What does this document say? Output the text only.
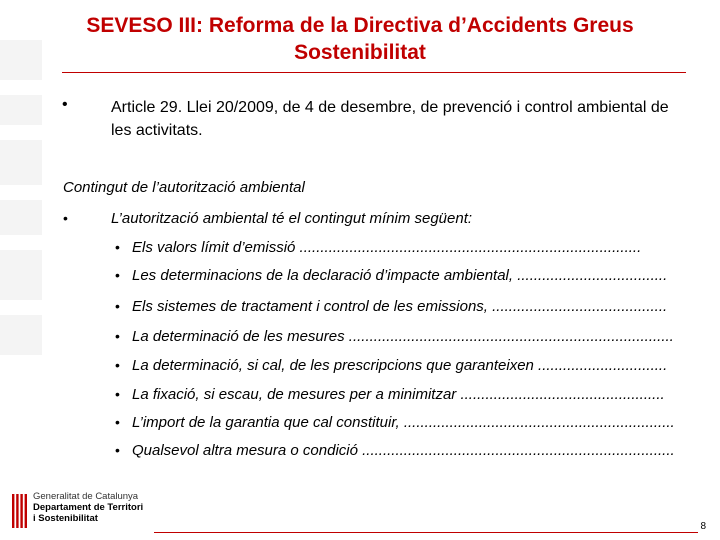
SEVESO III: Reforma de la Directiva d’Accidents Greus
Sostenibilitat
•	Article 29. Llei 20/2009, de 4 de desembre, de prevenció i control ambiental de les activitats.
Contingut de l’autorització ambiental
•	L’autorització ambiental té el contingut mínim següent:
• Els valors límit d’emissió ..................................................................................
• Les determinacions de la declaració d’impacte ambiental, ....................................
• Els sistemes de tractament i control de les emissions, ..........................................
• La determinació de les mesures ..............................................................................
• La determinació, si cal, de les prescripcions que garanteixen ...............................
• La fixació, si escau, de mesures per a minimitzar .................................................
• L’import de la garantia que cal constituir, .................................................................
• Qualsevol altra mesura o condició ...........................................................................
Generalitat de Catalunya
Departament de Territori
i Sostenibilitat
8
